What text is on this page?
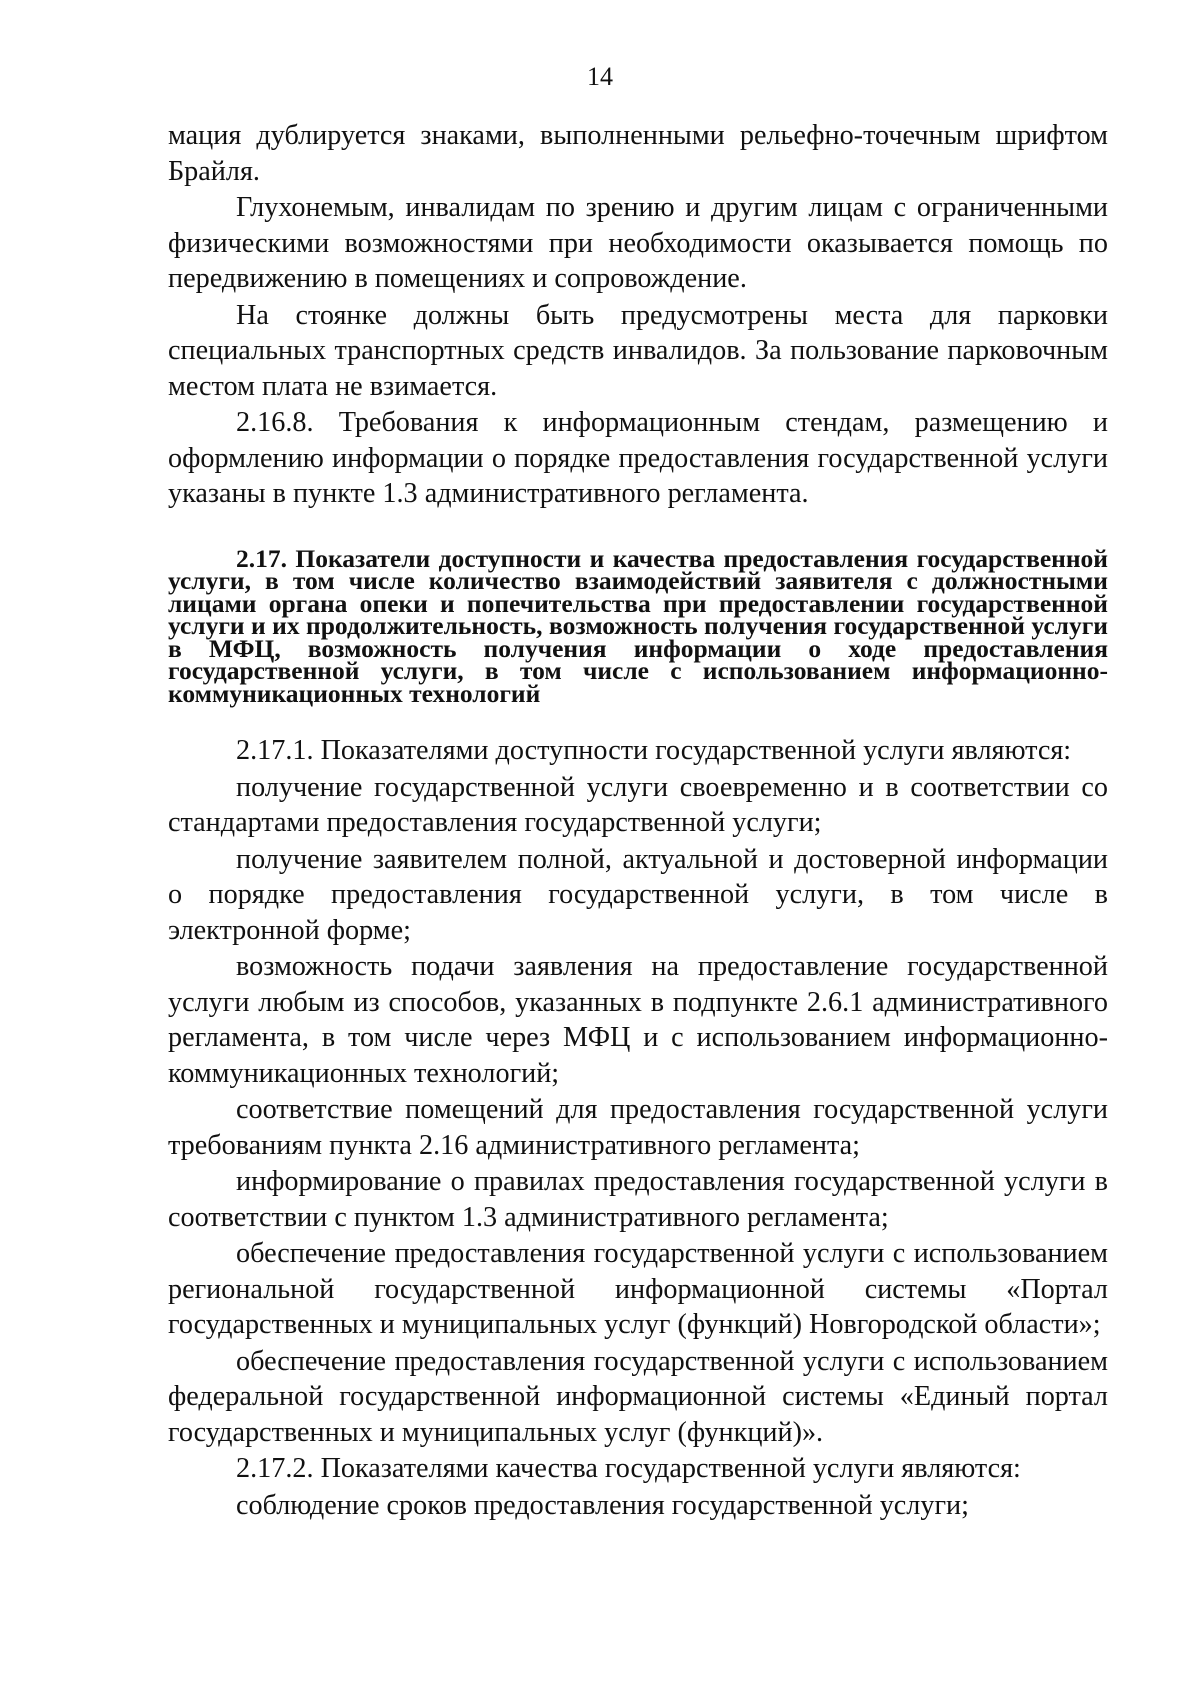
14

мация дублируется знаками, выполненными рельефно-точечным шрифтом Брайля.

Глухонемым, инвалидам по зрению и другим лицам с ограниченными физическими возможностями при необходимости оказывается помощь по передвижению в помещениях и сопровождение.

На стоянке должны быть предусмотрены места для парковки специальных транспортных средств инвалидов. За пользование парковочным местом плата не взимается.

2.16.8. Требования к информационным стендам, размещению и оформлению информации о порядке предоставления государственной услуги указаны в пункте 1.3 административного регламента.

2.17. Показатели доступности и качества предоставления государственной услуги, в том числе количество взаимодействий заявителя с должностными лицами органа опеки и попечительства при предоставлении государственной услуги и их продолжительность, возможность получения государственной услуги в МФЦ, возможность получения информации о ходе предоставления государственной услуги, в том числе с использованием информационно-коммуникационных технологий

2.17.1. Показателями доступности государственной услуги являются:

получение государственной услуги своевременно и в соответствии со стандартами предоставления государственной услуги;

получение заявителем полной, актуальной и достоверной информации о порядке предоставления государственной услуги, в том числе в электронной форме;

возможность подачи заявления на предоставление государственной услуги любым из способов, указанных в подпункте 2.6.1 административного регламента, в том числе через МФЦ и с использованием информационно-коммуникационных технологий;

соответствие помещений для предоставления государственной услуги требованиям пункта 2.16 административного регламента;

информирование о правилах предоставления государственной услуги в соответствии с пунктом 1.3 административного регламента;

обеспечение предоставления государственной услуги с использованием региональной государственной информационной системы «Портал государственных и муниципальных услуг (функций) Новгородской области»;

обеспечение предоставления государственной услуги с использованием федеральной государственной информационной системы «Единый портал государственных и муниципальных услуг (функций)».

2.17.2. Показателями качества государственной услуги являются:

соблюдение сроков предоставления государственной услуги;
